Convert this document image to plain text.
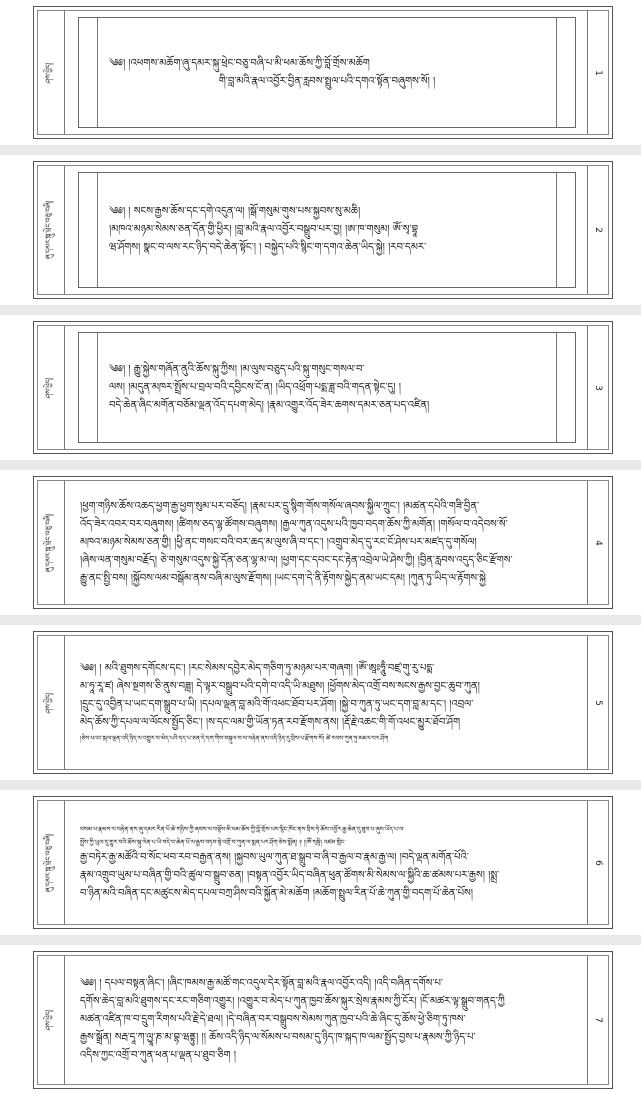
ཤས་ཕྱེད།	1
༄༅། །འཕགས་མཆོག་ཞུ་དམར་སྐུ་ཕྲེང་བཅུ་བཞི་པ་མི་ཕམ་ཆོས་ཀྱི་བློ་གྲོས་མཆོག
གི་བླ་མའི་རྣལ་འབྱོར་བྱིན་རླབས་སྤྲུལ་པའི་དགའ་སྟོན་བཞུགས་སོ། །
ཞུ་དམར་སྐུ་ཕྲེང་བཅུ་བཞི།	2
༄༅། ། སངས་རྒྱས་ཆོས་དང་དགེ་འདུན་ལ། །སྒོ་གསུམ་གུས་པས་སྐྱབས་སུ་མཆི།
།མཁའ་མཉམ་སེམས་ཅན་དོན་གྱི་ཕྱིར། །བླ་མའི་རྣལ་འབྱོར་བསྒྲུབ་པར་བྱ། །ཨ་ཁ་གསུམ། ཨོཾ་སྭ་བྷཱ
ཝ་ཤོགས། སྣང་བ་ལས་རང་ཉིད་བདེ་ཆེན་སྟོང་། ། བསྐྱེད་པའི་སྙིང་ག་དགའ་ཆེན་ཡིད་སྐྱེ། །རབ་དམར་
ཤས་ཕྱེད།	3
༄༅། ། རྒྱུ་སྐྱེས་གཞོན་ནུའི་ཆོས་སྐུ་ཀྱིས། །མ་ལུས་བཅུད་པའི་སྐུ་གསུང་གསལ་བ་
ལས། །མདུན་མཁར་སྤྲོས་པ་བྲལ་བའི་དབྱིངས་ངོ་ན། །ཡིད་འཕྲོག་པདྨ་ཟླ་བའི་གདན་སྟེང་དུ། །
བདེ་ཆེན་ཞིང་མགོན་བཅོམ་ལྡན་འོད་དཔག་མེད། །རྣམ་འགྱུར་འོད་ཟེར་ཆགས་དམར་ཅན་པད་འཛིན།
ཞུ་དམར་སྐུ་ཕྲེང་བཅུ་བཞི།	4
།ཕྱག་གཉིས་ཆོས་འཆད་ཕྱག་རྒྱ་ཕྱག་སུམ་པར་བཅོད། །རྣམ་པར་དྲུ་སྙིག་གོས་གསོལ་ཞབས་སྐྱིལ་ཀྲུང་། །མཚན་དཔེའི་གཟི་བྱིན་
འོད་ཟེར་འབར་བར་བཞུགས། །ཚིགས་ཅད་ལྷ་ཚོགས་བཞུགས། །རྒྱལ་ཀུན་འདུས་པའི་ཁྱབ་བདག་ཆོས་ཀྱི་མགོན། །གསོལ་བ་འདེབས་སོ་
མཁའ་མཉམ་སེམས་ཅན་གྱི། །ཕྱི་ནང་གསང་བའི་བར་ཆད་མ་ལུས་ཞི་བ་དང་། །འགྲུབ་མེད་དུ་རང་ངོ་ཤེས་པར་མཛད་དུ་གསོལ།
།ཞེས་ལན་གསུམ་བརྗོད། ཅེ་གསུམ་འདུས་སྐྱེ་དོན་ཅན་ལྷ་མ་ལ། །ཕྱག་དང་དབང་དང་རྟེན་འབྲེལ་ཡེ་ཤེས་ཀྱི། །བྱིན་རླབས་འདུད་ཅིང་རྫོགས་
རྒྱུ་ནང་སྤྱི་བས། །སྐྱོབས་ལམ་བསྒོམ་ནས་བཞི་མ་ལུས་རྫོགས། །ཡང་དག་དེ་ནི་རྟོགས་སྐྱེད་ནམ་ཡང་དམ། །ཀུན་ཏུ་ཡིད་ལ་རྟོགས་སྐྱེ
ཤས་ཕྱེད།	5
༄༅། ། མའི་ཐུགས་དགོངས་དང་། །རང་སེམས་དབྱེར་མེད་གཅིག་ཏུ་མཉམ་པར་གཞག། །ཨོཾ་ཨཱཿཧཱུྃ་བཛྲ་གུ་རུ་པདྨ་
མ་ཧཱ་རཱ་ཛ། ཞེས་སྔགས་ཅི་ནུས་བཟླ། དེ་ལྟར་བསྒྲུབ་པའི་དགེ་བ་འདི་ཡི་མཐུས། །ཕྱོགས་མེད་འགྲོ་བས་སངས་རྒྱས་བྱང་ཆུབ་ཀུན།
།དྲུང་དུ་འབྱིན་པ་ཡང་དག་སྒྲུབ་པ་ཡི། །དཔལ་ལྡན་བླ་མའི་གོ་འཕང་ཐོབ་པར་ཤོག། །སྐྱེ་བ་ཀུན་ཏུ་ཡང་དག་བླ་མ་དང་། །འབྲལ་
མེད་ཆོས་ཀྱི་དཔལ་ལ་ལོངས་སྤྱོད་ཅིང་། །ས་དང་ལམ་གྱི་ཡོན་ཏན་རབ་རྫོགས་ནས། །རྡོ་རྗེ་འཆང་གི་གོ་འཕང་མྱུར་ཐོབ་ཤོག
།ཅེས་པའང་སྐལ་ལྡན་འདི་ཉིད་ལ་འགྱུར་བ་མེད་པའི་དད་པ་ཅན་དེ་དག་གིས་བསྐུལ་བ་ལ་བརྟེན་ནས་འདི་ཉིད་དུ་བྲིས་པ་རྫོགས་སོ། ཚེ་རབས་ཀུན་ཏུ་མཇལ་བར་ཤོག
ཞུ་དམར་སྐུ་ཕྲེང་བཅུ་བཞི།	6
བསམ་པ་རྣམས་ལ་བརྟེན་ནས་ཞུ་དམར་རིན་པོ་ཆེ་གཉིས་ཀྱི་ཞབས་ལ་བལྟོས་མི་ཕམ་ཆོས་ཀྱི་བློ་གྲོས་པས་སྙིང་ཁོང་ནས་བྲིས་ཏེ་ཆོས་འབྱོར་རྒྱ་ཆེན་དུ་ཐུབ་པ་ཞུས་ཡོད་པ་ལ་
སྤྲོས་ཀྱི་ཡུལ་དུ་གྱུར་བའི་ཆོས་སྐུ་ལེན་པ་ཡི་བདེ་བ་ཆེན་པོ་ལ་རྒྱས་བཏབ་སྟེ་འགྲོ་བ་ཀུན་ལ་སྨན་པར་ཤོག་ཅེས་སྨོན། ༈ །།ཨོཾ་སྭསྟི། འཛམ་གླིང་
རྒྱ་བཏེར་རྒྱ་མཚོའི་བ་སོང་ཕབ་རབ་བརྒྱན་ནས། །སྐྱབས་ཡུལ་ཀུན་ཐ་སྒྲུབ་བ་ཞི་བ་རྒྱལ་བ་རྣམ་རྒྱ་ལ། །བདེ་ལྡན་མགོན་པོའི་
རྣམ་འགྲུབ་ཡུམ་པ་བཞིན་གྱི་བའི་ཚུལ་བ་སྒྲུབ་ཅན། །བསྟན་འབྱོར་ཡིད་བཞིན་ཕུན་ཚོགས་མི་སེམས་ལ་སྐྱིའི་ཆ་ཚམས་པར་རྒྱས། །སྨྲ་
བ་ཉིན་མའི་བཞིན་དང་མཚུངས་མེད་དཔལ་བཀྲ་ཤིས་བའི་སྐྱོན་མེ་མཆོག །མཆོག་སྤྲུལ་རིན་པོ་ཆེ་ཀུན་གྱི་བདག་པོ་ཆེན་པོས།
ཤས་ཕྱེད།	7
༄༅། ། དཔལ་བསྟན་ཞིང་། །ཞིང་ཁམས་རྒྱ་མཚོ་གང་འདུལ་དེར་སྟོན་བླ་མའི་རྣལ་འབྱོར་འདི། །འདི་བཞིན་དགོས་པ་
དགོས་ཆེད་བླ་མའི་ཐུགས་དང་རང་གཅིག་འགྱུར། །འགྱུར་བ་མེད་པ་ཀུན་ཁྱབ་ཆོས་སྐུར་སྲེས་རྣམས་ཀྱི་ངོར། །ངོ་མཚར་ལྟ་སྒྲུབ་གནད་ཀྱི
མཚན་འཛིན་ཁ་བ་དྲུག་རིགས་པའི་རྗེ་དེ་ཐལ། །དེ་བཞིན་བར་བསྒྲུབས་སེམས་ཀུན་ཁྱབ་པའི་ཆེ་ཞིང་དུ་ཆོས་ཕྱེ་ཅིག་ཏུ་ཁས་
རྒྱས་སྒྲོན། སརྦ་དཱ་ཀ་ལྱཱ་ཎ་མ་བྷ་ཝནྟུ། །། ཆོས་འདི་ཉིད་ལ་སོམས་པ་བསམ་དུ་ཉིད་ཁ་སྐད་ཁ་ལམ་སྤྱོད་བྱས་པ་རྣམས་ཀྱི་ཉིད་པ་
འདིས་ཀྱང་འགྲོ་བ་ཀུན་ཕན་པ་ལྡན་པ་ཐུབ་ཅིག །
